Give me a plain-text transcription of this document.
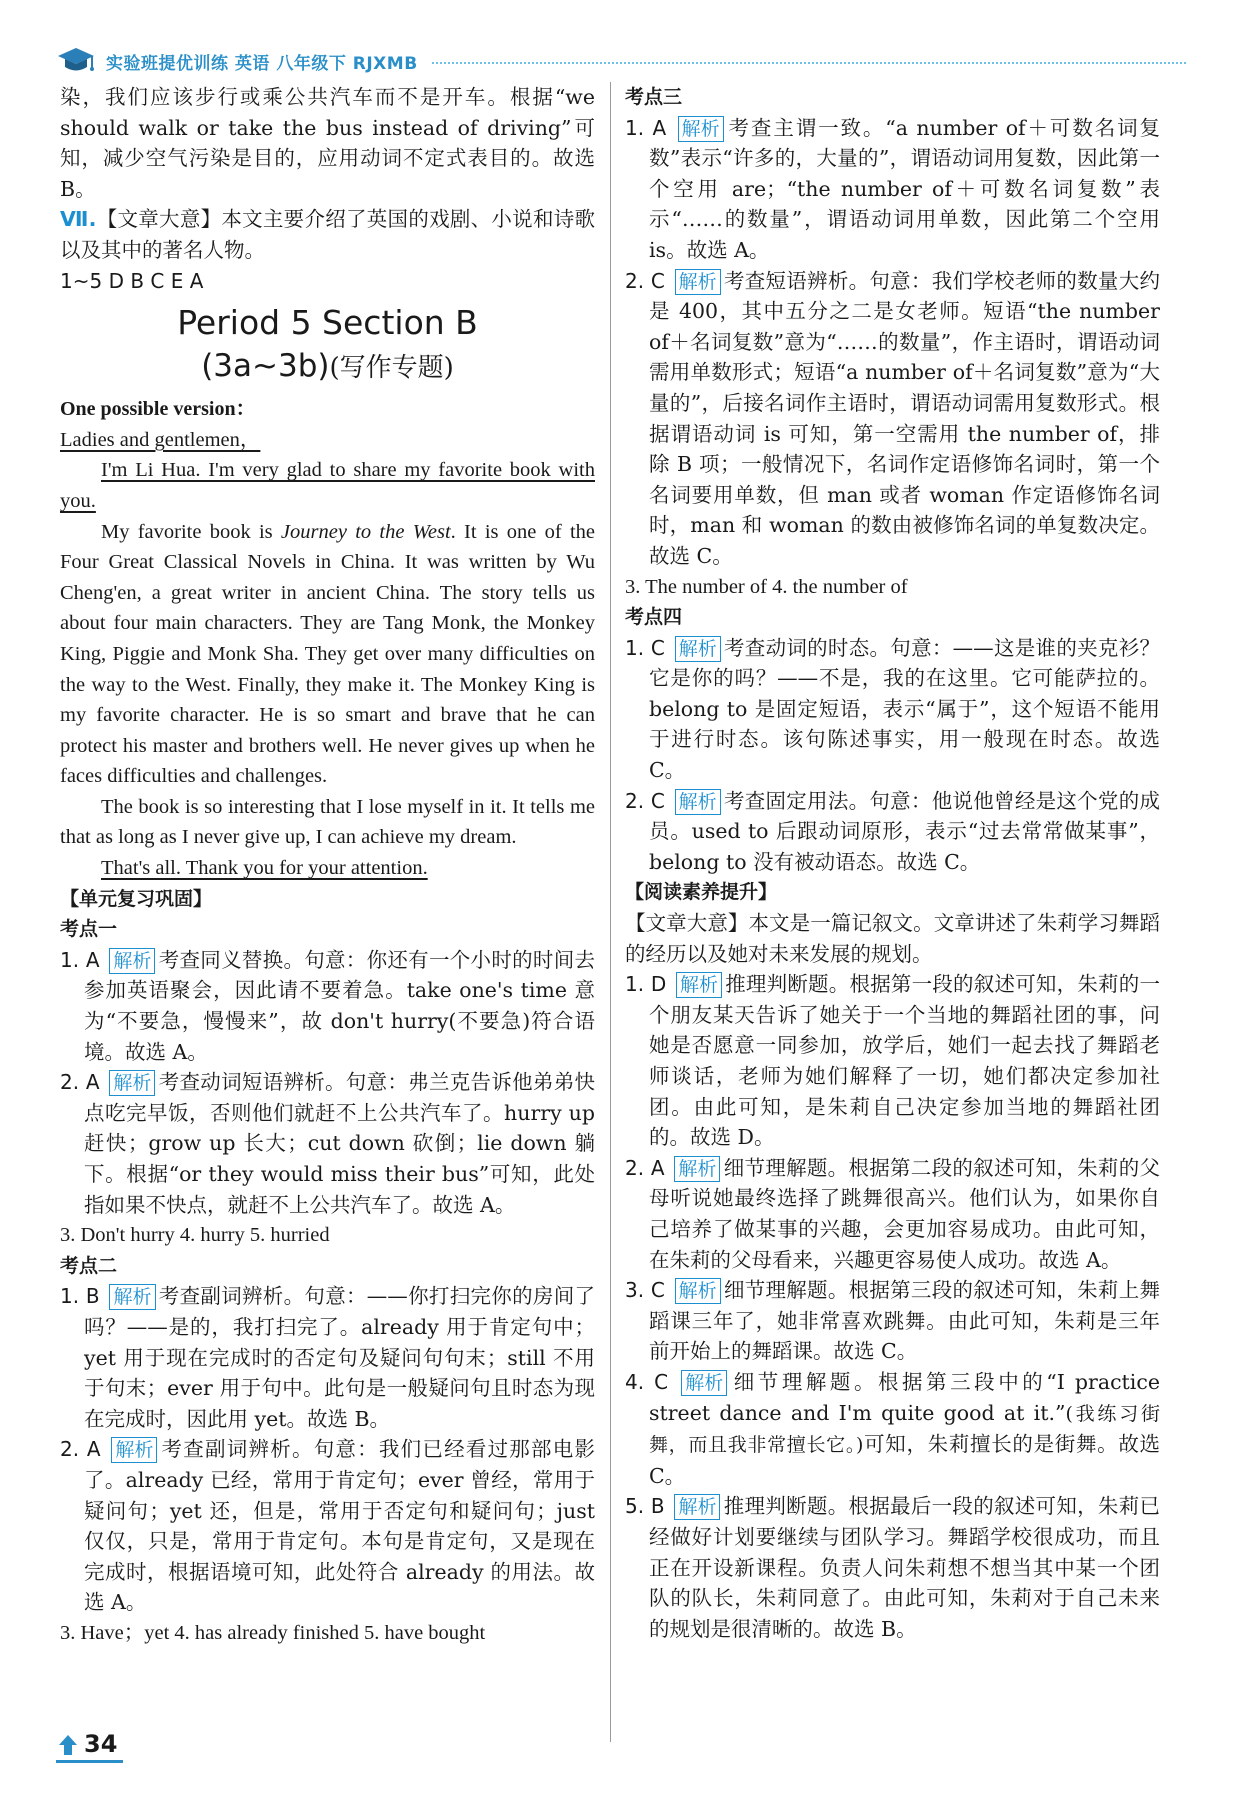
实验班提优训练 英语 八年级下 RJXMB

染，我们应该步行或乘公共汽车而不是开车。根据“we should walk or take the bus instead of driving”可知，减少空气污染是目的，应用动词不定式表目的。故选 B。

Ⅶ.【文章大意】本文主要介绍了英国的戏剧、小说和诗歌以及其中的著名人物。

1~5 D B C E A

Period 5 Section B
(3a~3b)(写作专题)

One possible version：

Ladies and gentlemen，

I'm Li Hua. I'm very glad to share my favorite book with you.

My favorite book is Journey to the West. It is one of the Four Great Classical Novels in China. It was written by Wu Cheng'en, a great writer in ancient China. The story tells us about four main characters. They are Tang Monk, the Monkey King, Piggie and Monk Sha. They get over many difficulties on the way to the West. Finally, they make it. The Monkey King is my favorite character. He is so smart and brave that he can protect his master and brothers well. He never gives up when he faces difficulties and challenges.

The book is so interesting that I lose myself in it. It tells me that as long as I never give up, I can achieve my dream.

That's all. Thank you for your attention.

【单元复习巩固】

考点一

1. A 解析 考查同义替换。句意：你还有一个小时的时间去参加英语聚会，因此请不要着急。take one's time 意为“不要急，慢慢来”，故 don't hurry(不要急)符合语境。故选 A。

2. A 解析 考查动词短语辨析。句意：弗兰克告诉他弟弟快点吃完早饭，否则他们就赶不上公共汽车了。hurry up 赶快；grow up 长大；cut down 砍倒；lie down 躺下。根据“or they would miss their bus”可知，此处指如果不快点，就赶不上公共汽车了。故选 A。

3. Don't hurry 4. hurry 5. hurried

考点二

1. B 解析 考查副词辨析。句意：——你打扫完你的房间了吗？——是的，我打扫完了。already 用于肯定句中；yet 用于现在完成时的否定句及疑问句句末；still 不用于句末；ever 用于句中。此句是一般疑问句且时态为现在完成时，因此用 yet。故选 B。

2. A 解析 考查副词辨析。句意：我们已经看过那部电影了。already 已经，常用于肯定句；ever 曾经，常用于疑问句；yet 还，但是，常用于否定句和疑问句；just 仅仅，只是，常用于肯定句。本句是肯定句，又是现在完成时，根据语境可知，此处符合 already 的用法。故选 A。

3. Have；yet 4. has already finished 5. have bought

考点三

1. A 解析 考查主谓一致。“a number of＋可数名词复数”表示“许多的，大量的”，谓语动词用复数，因此第一个空用 are；“the number of＋可数名词复数”表示“……的数量”，谓语动词用单数，因此第二个空用 is。故选 A。

2. C 解析 考查短语辨析。句意：我们学校老师的数量大约是 400，其中五分之二是女老师。短语“the number of＋名词复数”意为“……的数量”，作主语时，谓语动词需用单数形式；短语“a number of＋名词复数”意为“大量的”，后接名词作主语时，谓语动词需用复数形式。根据谓语动词 is 可知，第一空需用 the number of，排除 B 项；一般情况下，名词作定语修饰名词时，第一个名词要用单数，但 man 或者 woman 作定语修饰名词时，man 和 woman 的数由被修饰名词的单复数决定。故选 C。

3. The number of 4. the number of

考点四

1. C 解析 考查动词的时态。句意：——这是谁的夹克衫？它是你的吗？——不是，我的在这里。它可能萨拉的。belong to 是固定短语，表示“属于”，这个短语不能用于进行时态。该句陈述事实，用一般现在时态。故选 C。

2. C 解析 考查固定用法。句意：他说他曾经是这个党的成员。used to 后跟动词原形，表示“过去常常做某事”，belong to 没有被动语态。故选 C。

【阅读素养提升】

【文章大意】本文是一篇记叙文。文章讲述了朱莉学习舞蹈的经历以及她对未来发展的规划。

1. D 解析 推理判断题。根据第一段的叙述可知，朱莉的一个朋友某天告诉了她关于一个当地的舞蹈社团的事，问她是否愿意一同参加，放学后，她们一起去找了舞蹈老师谈话，老师为她们解释了一切，她们都决定参加社团。由此可知，是朱莉自己决定参加当地的舞蹈社团的。故选 D。

2. A 解析 细节理解题。根据第二段的叙述可知，朱莉的父母听说她最终选择了跳舞很高兴。他们认为，如果你自己培养了做某事的兴趣，会更加容易成功。由此可知，在朱莉的父母看来，兴趣更容易使人成功。故选 A。

3. C 解析 细节理解题。根据第三段的叙述可知，朱莉上舞蹈课三年了，她非常喜欢跳舞。由此可知，朱莉是三年前开始上的舞蹈课。故选 C。

4. C 解析 细节理解题。根据第三段中的“I practice street dance and I'm quite good at it.”(我练习街舞，而且我非常擅长它。)可知，朱莉擅长的是街舞。故选 C。

5. B 解析 推理判断题。根据最后一段的叙述可知，朱莉已经做好计划要继续与团队学习。舞蹈学校很成功，而且正在开设新课程。负责人问朱莉想不想当其中某一个团队的队长，朱莉同意了。由此可知，朱莉对于自己未来的规划是很清晰的。故选 B。

34
